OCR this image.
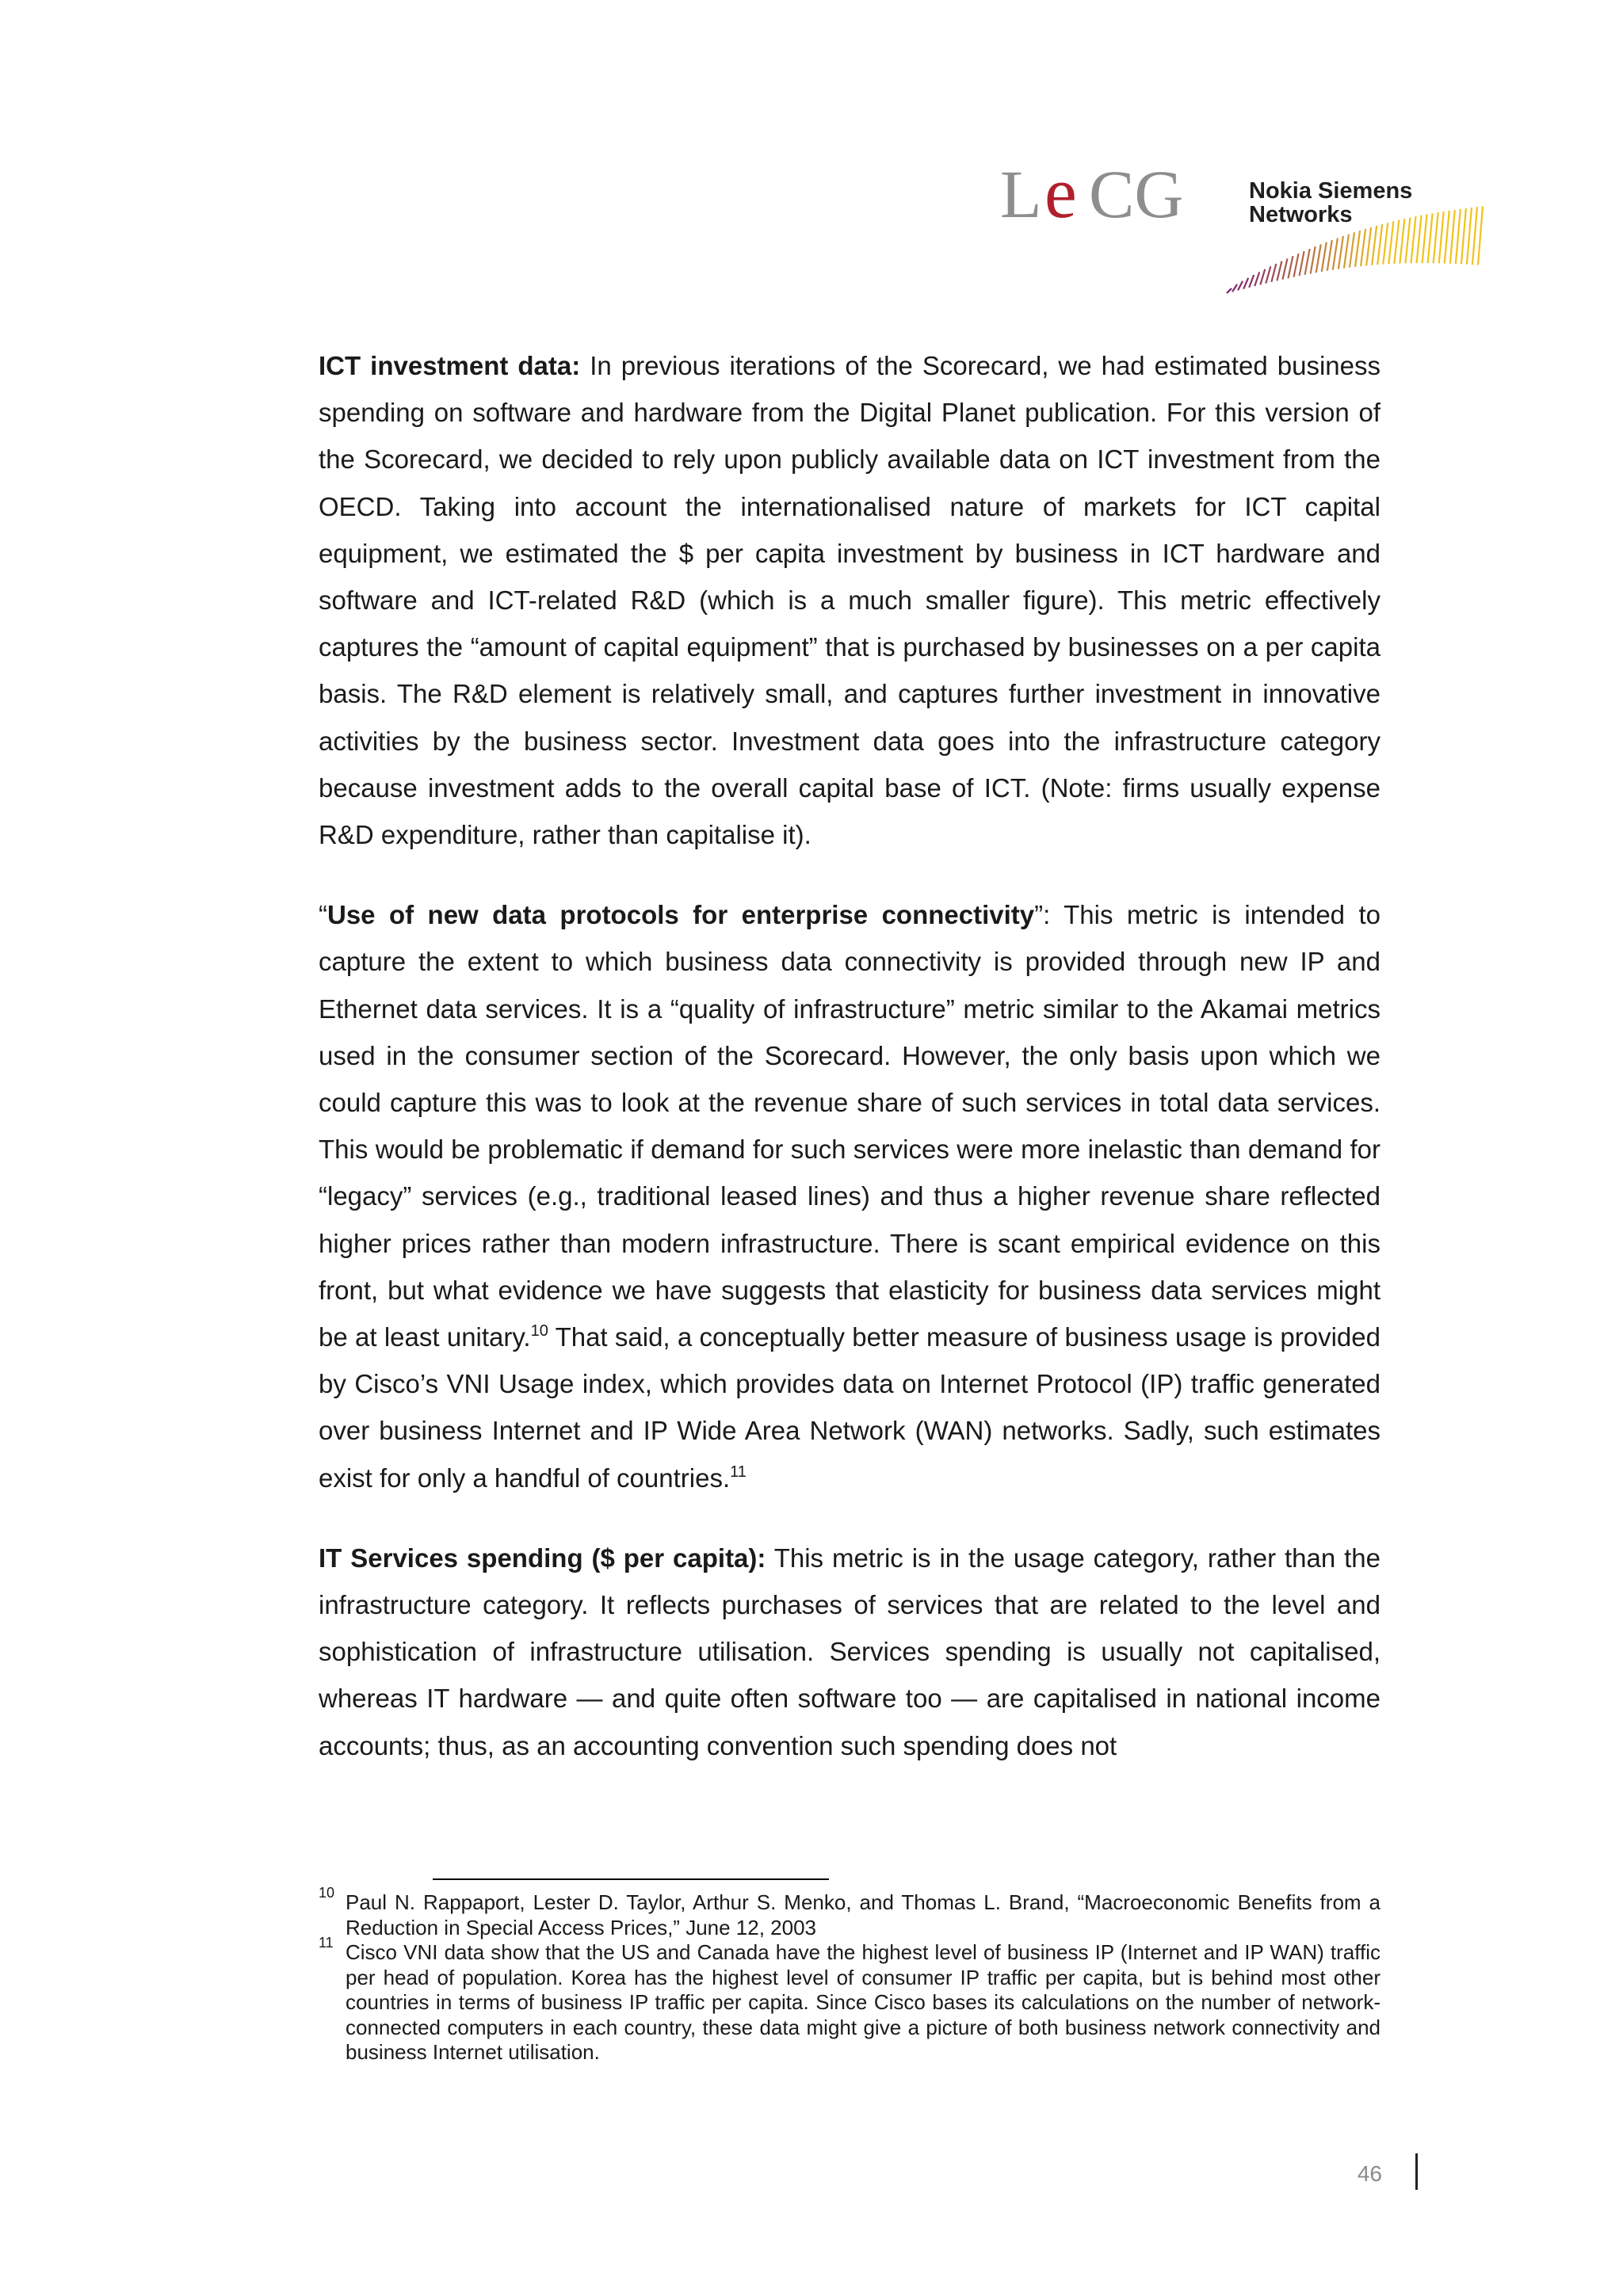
L e CG	Nokia Siemens
Networks

ICT investment data: In previous iterations of the Scorecard, we had estimated business spending on software and hardware from the Digital Planet publication. For this version of the Scorecard, we decided to rely upon publicly available data on ICT investment from the OECD. Taking into account the internationalised nature of markets for ICT capital equipment, we estimated the $ per capita investment by business in ICT hardware and software and ICT-related R&D (which is a much smaller figure). This metric effectively captures the “amount of capital equipment” that is purchased by businesses on a per capita basis. The R&D element is relatively small, and captures further investment in innovative activities by the business sector. Investment data goes into the infrastructure category because investment adds to the overall capital base of ICT. (Note: firms usually expense R&D expenditure, rather than capitalise it).

“Use of new data protocols for enterprise connectivity”: This metric is intended to capture the extent to which business data connectivity is provided through new IP and Ethernet data services. It is a “quality of infrastructure” metric similar to the Akamai metrics used in the consumer section of the Scorecard. However, the only basis upon which we could capture this was to look at the revenue share of such services in total data services. This would be problematic if demand for such services were more inelastic than demand for “legacy” services (e.g., traditional leased lines) and thus a higher revenue share reflected higher prices rather than modern infrastructure. There is scant empirical evidence on this front, but what evidence we have suggests that elasticity for business data services might be at least unitary.$^{10}$ That said, a conceptually better measure of business usage is provided by Cisco’s VNI Usage index, which provides data on Internet Protocol (IP) traffic generated over business Internet and IP Wide Area Network (WAN) networks. Sadly, such estimates exist for only a handful of countries.$^{11}$

IT Services spending ($ per capita): This metric is in the usage category, rather than the infrastructure category. It reflects purchases of services that are related to the level and sophistication of infrastructure utilisation. Services spending is usually not capitalised, whereas IT hardware — and quite often software too — are capitalised in national income accounts; thus, as an accounting convention such spending does not

10 Paul N. Rappaport, Lester D. Taylor, Arthur S. Menko, and Thomas L. Brand, “Macroeconomic Benefits from a Reduction in Special Access Prices,” June 12, 2003
11 Cisco VNI data show that the US and Canada have the highest level of business IP (Internet and IP WAN) traffic per head of population. Korea has the highest level of consumer IP traffic per capita, but is behind most other countries in terms of business IP traffic per capita. Since Cisco bases its calculations on the number of network-connected computers in each country, these data might give a picture of both business network connectivity and business Internet utilisation.
46
